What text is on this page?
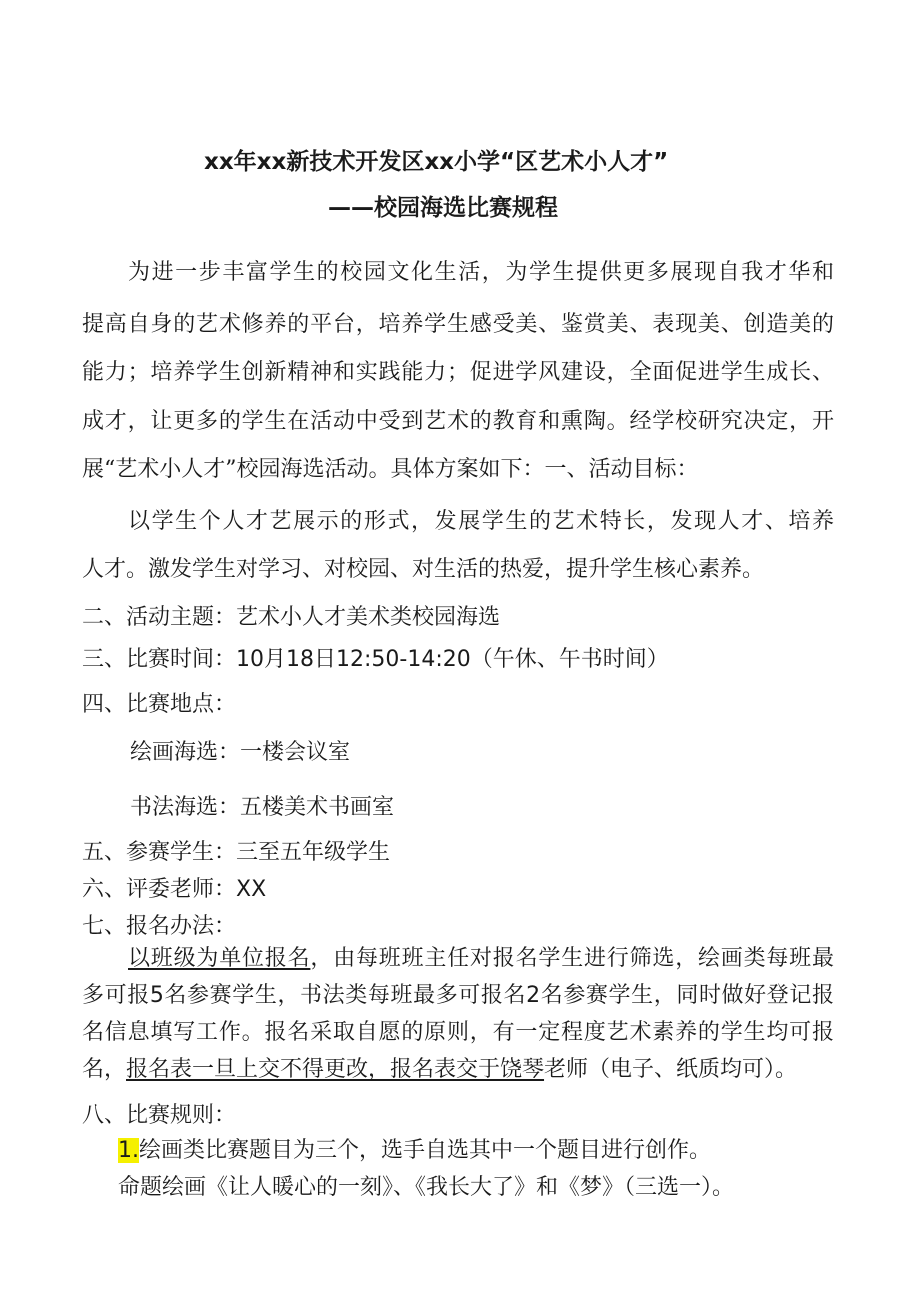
xx年xx新技术开发区xx小学“区艺术小人才”
——校园海选比赛规程
为进一步丰富学生的校园文化生活，为学生提供更多展现自我才华和
提高自身的艺术修养的平台，培养学生感受美、鉴赏美、表现美、创造美的
能力；培养学生创新精神和实践能力；促进学风建设，全面促进学生成长、
成才，让更多的学生在活动中受到艺术的教育和熏陶。经学校研究决定，开
展“艺术小人才”校园海选活动。具体方案如下：一、活动目标：
以学生个人才艺展示的形式，发展学生的艺术特长，发现人才、培养
人才。激发学生对学习、对校园、对生活的热爱，提升学生核心素养。
二、活动主题：艺术小人才美术类校园海选
三、比赛时间：10月18日12:50-14:20（午休、午书时间）
四、比赛地点：
绘画海选：一楼会议室
书法海选：五楼美术书画室
五、参赛学生：三至五年级学生
六、评委老师：XX
七、报名办法：
以班级为单位报名，由每班班主任对报名学生进行筛选，绘画类每班最
多可报5名参赛学生，书法类每班最多可报名2名参赛学生，同时做好登记报
名信息填写工作。报名采取自愿的原则，有一定程度艺术素养的学生均可报
名，报名表一旦上交不得更改，报名表交于饶琴老师（电子、纸质均可）。
八、比赛规则：
1.绘画类比赛题目为三个，选手自选其中一个题目进行创作。
命题绘画《让人暖心的一刻》、《我长大了》和《梦》（三选一）。
